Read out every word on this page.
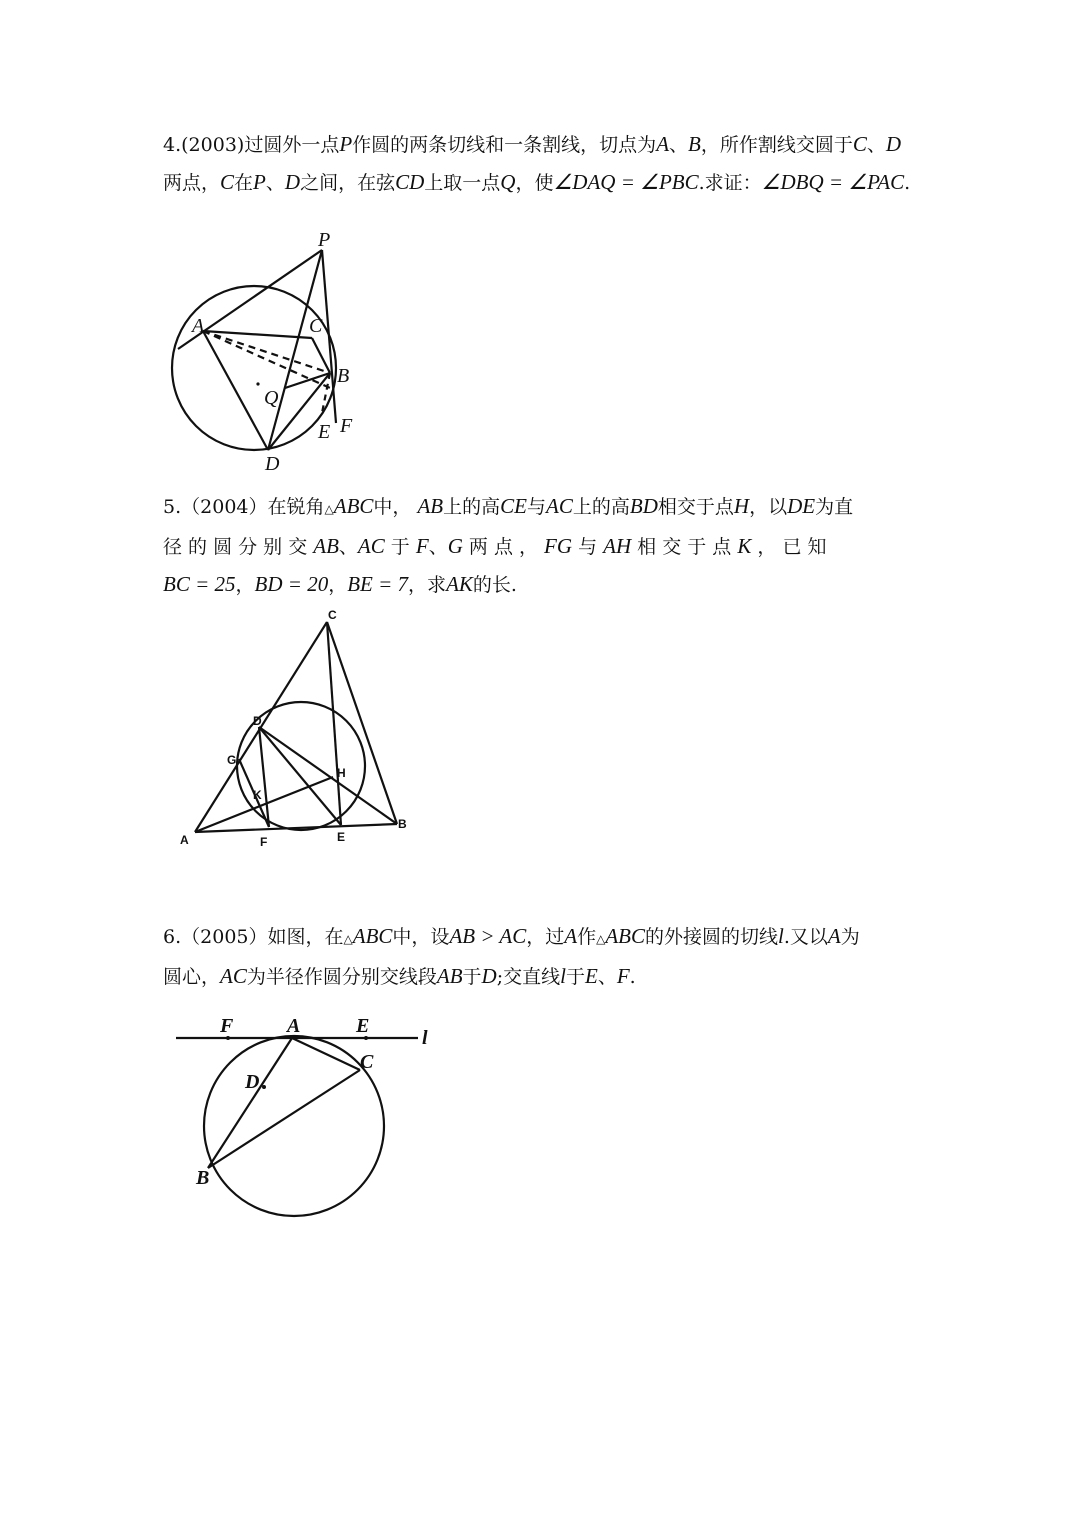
4.(2003)过圆外一点P作圆的两条切线和一条割线，切点为A、B，所作割线交圆于C、D
两点，C在P、D之间，在弦CD上取一点Q，使∠DAQ = ∠PBC.求证：∠DBQ = ∠PAC.
P
A	C
B
Q
E F
D
5.（2004）在锐角△ABC中， AB上的高CE与AC上的高BD相交于点H，以DE为直
径 的 圆 分 别 交 AB、AC 于 F、G 两 点 ， FG 与 AH 相 交 于 点 K ， 已 知
BC = 25，BD = 20，BE = 7，求AK的长.
C
D
G
H
K
A	F	E
B
6.（2005）如图，在△ABC中，设AB > AC，过A作△ABC的外接圆的切线l.又以A为
圆心，AC为半径作圆分别交线段AB于D;交直线l于E、F.
F	A	E
l
C
D
B
